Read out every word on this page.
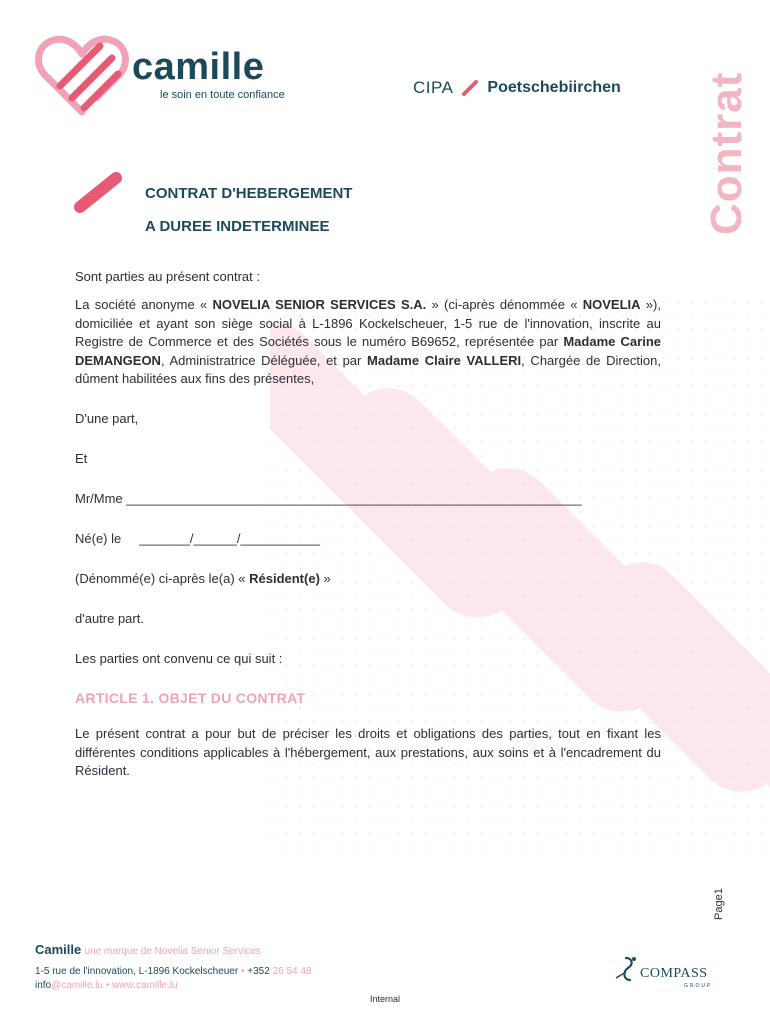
camille
le soin en toute confiance	CIPA Poetschebiirchen Contrat
CONTRAT D'HEBERGEMENT
A DUREE INDETERMINEE
Sont parties au présent contrat :
La société anonyme « NOVELIA SENIOR SERVICES S.A. » (ci-après dénommée « NOVELIA »), domiciliée et ayant son siège social à L-1896 Kockelscheuer, 1-5 rue de l'innovation, inscrite au Registre de Commerce et des Sociétés sous le numéro B69652, représentée par Madame Carine DEMANGEON, Administratrice Déléguée, et par Madame Claire VALLERI, Chargée de Direction, dûment habilitées aux fins des présentes,
D'une part,
Et
Mr/Mme _______________________________________________________________
Né(e) le     _______/______/___________
(Dénommé(e) ci-après le(a) « Résident(e) »
d'autre part.
Les parties ont convenu ce qui suit :
ARTICLE 1. OBJET DU CONTRAT
Le présent contrat a pour but de préciser les droits et obligations des parties, tout en fixant les différentes conditions applicables à l'hébergement, aux prestations, aux soins et à l'encadrement du Résident.
Page1
Camille une marque de Novelia Senior Services
1-5 rue de l'innovation, L-1896 Kockelscheuer • +352 26 54 48
info@camille.lu • www.camille.lu
COMPASS
GROUP
Internal
